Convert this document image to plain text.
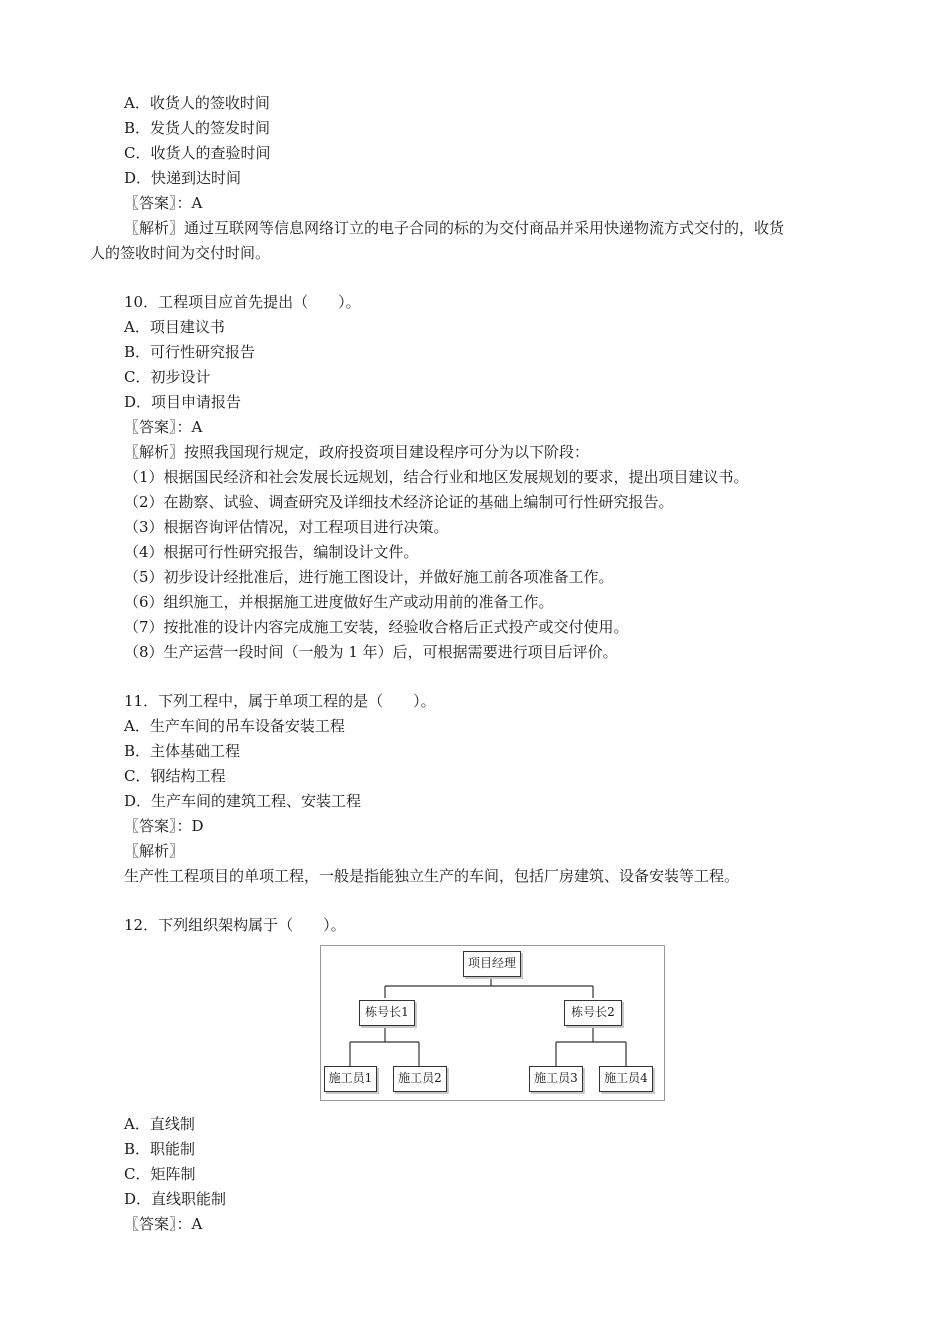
A．收货人的签收时间
B．发货人的签发时间
C．收货人的查验时间
D．快递到达时间
〖答案〗：A
〖解析〗通过互联网等信息网络订立的电子合同的标的为交付商品并采用快递物流方式交付的，收货
人的签收时间为交付时间。
10．工程项目应首先提出（　　）。
A．项目建议书
B．可行性研究报告
C．初步设计
D．项目申请报告
〖答案〗：A
〖解析〗按照我国现行规定，政府投资项目建设程序可分为以下阶段：
（1）根据国民经济和社会发展长远规划，结合行业和地区发展规划的要求，提出项目建议书。
（2）在勘察、试验、调查研究及详细技术经济论证的基础上编制可行性研究报告。
（3）根据咨询评估情况，对工程项目进行决策。
（4）根据可行性研究报告，编制设计文件。
（5）初步设计经批准后，进行施工图设计，并做好施工前各项准备工作。
（6）组织施工，并根据施工进度做好生产或动用前的准备工作。
（7）按批准的设计内容完成施工安装，经验收合格后正式投产或交付使用。
（8）生产运营一段时间（一般为 1 年）后，可根据需要进行项目后评价。
11．下列工程中，属于单项工程的是（　　）。
A．生产车间的吊车设备安装工程
B．主体基础工程
C．钢结构工程
D．生产车间的建筑工程、安装工程
〖答案〗：D
〖解析〗
生产性工程项目的单项工程，一般是指能独立生产的车间，包括厂房建筑、设备安装等工程。
12．下列组织架构属于（　　）。
项目经理
栋号长1	栋号长2
施工员1	施工员2	施工员3	施工员4
A．直线制
B．职能制
C．矩阵制
D．直线职能制
〖答案〗：A
